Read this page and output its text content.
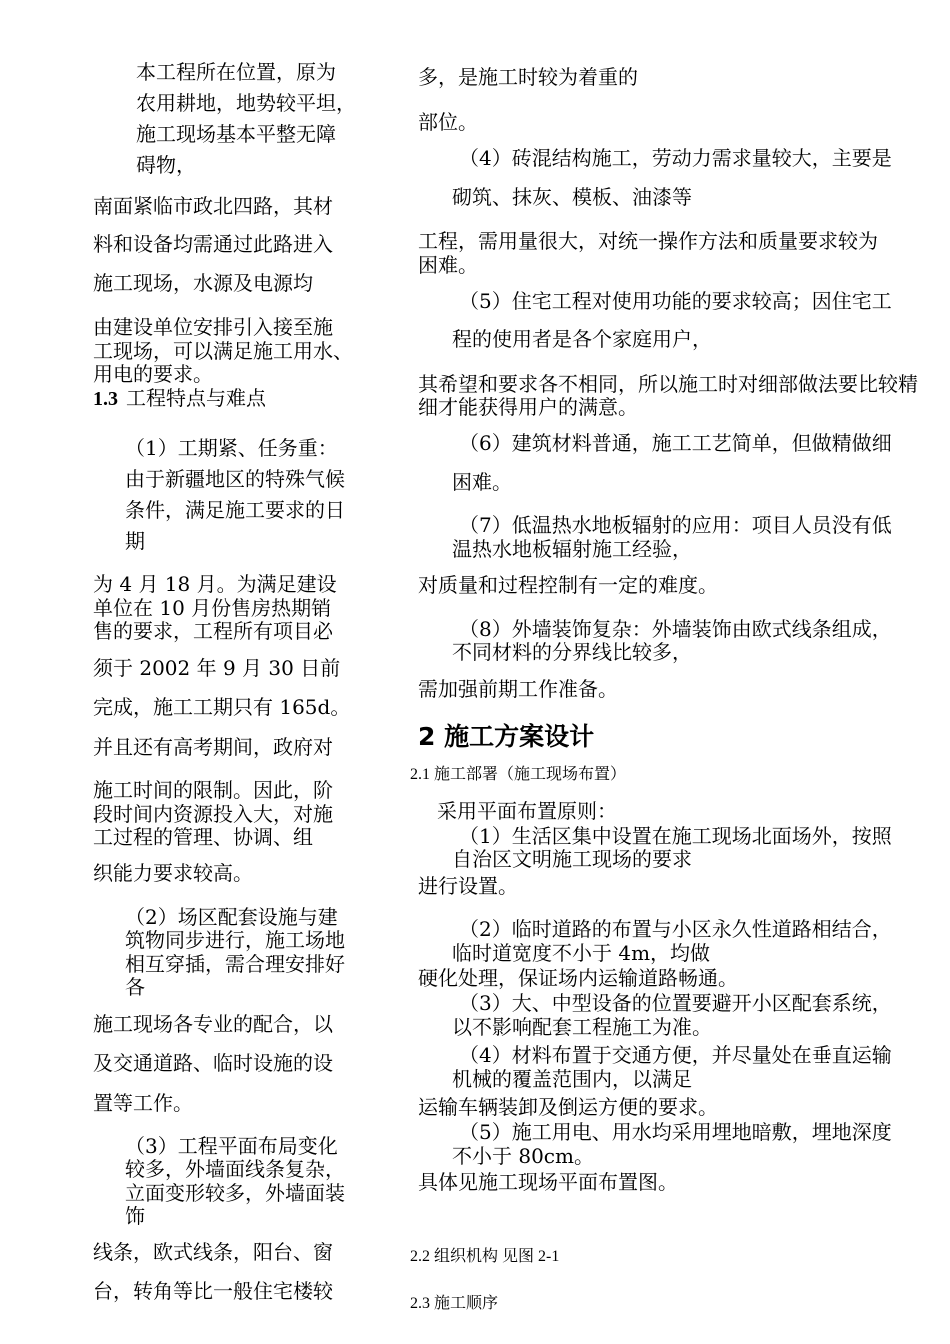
本工程所在位置，原为
农用耕地，地势较平坦，
施工现场基本平整无障
碍物，
南面紧临市政北四路，其材
料和设备均需通过此路进入
施工现场，水源及电源均
由建设单位安排引入接至施
工现场，可以满足施工用水、
用电的要求。
1.3 工程特点与难点
（1）工期紧、任务重：
由于新疆地区的特殊气候
条件，满足施工要求的日
期
为 4 月 18 月。为满足建设
单位在 10 月份售房热期销
售的要求，工程所有项目必
须于 2002 年 9 月 30 日前
完成，施工工期只有 165d。
并且还有高考期间，政府对
施工时间的限制。因此，阶
段时间内资源投入大，对施
工过程的管理、协调、组
织能力要求较高。
（2）场区配套设施与建
筑物同步进行，施工场地
相互穿插，需合理安排好
各
施工现场各专业的配合，以
及交通道路、临时设施的设
置等工作。
（3）工程平面布局变化
较多，外墙面线条复杂，
立面变形较多，外墙面装
饰
线条，欧式线条，阳台、窗
台，转角等比一般住宅楼较
多，是施工时较为着重的
部位。
（4）砖混结构施工，劳动力需求量较大，主要是
砌筑、抹灰、模板、油漆等
工程，需用量很大，对统一操作方法和质量要求较为
困难。
（5）住宅工程对使用功能的要求较高；因住宅工
程的使用者是各个家庭用户，
其希望和要求各不相同，所以施工时对细部做法要比较精
细才能获得用户的满意。
（6）建筑材料普通，施工工艺简单，但做精做细
困难。
（7）低温热水地板辐射的应用：项目人员没有低
温热水地板辐射施工经验，
对质量和过程控制有一定的难度。
（8）外墙装饰复杂：外墙装饰由欧式线条组成，
不同材料的分界线比较多，
需加强前期工作准备。
2 施工方案设计
2.1 施工部署（施工现场布置）
采用平面布置原则：
（1）生活区集中设置在施工现场北面场外，按照
自治区文明施工现场的要求
进行设置。
（2）临时道路的布置与小区永久性道路相结合，
临时道宽度不小于 4m，均做
硬化处理，保证场内运输道路畅通。
（3）大、中型设备的位置要避开小区配套系统，
以不影响配套工程施工为准。
（4）材料布置于交通方便，并尽量处在垂直运输
机械的覆盖范围内，以满足
运输车辆装卸及倒运方便的要求。
（5）施工用电、用水均采用埋地暗敷，埋地深度
不小于 80cm。
具体见施工现场平面布置图。
2.2 组织机构 见图 2-1
2.3 施工顺序
